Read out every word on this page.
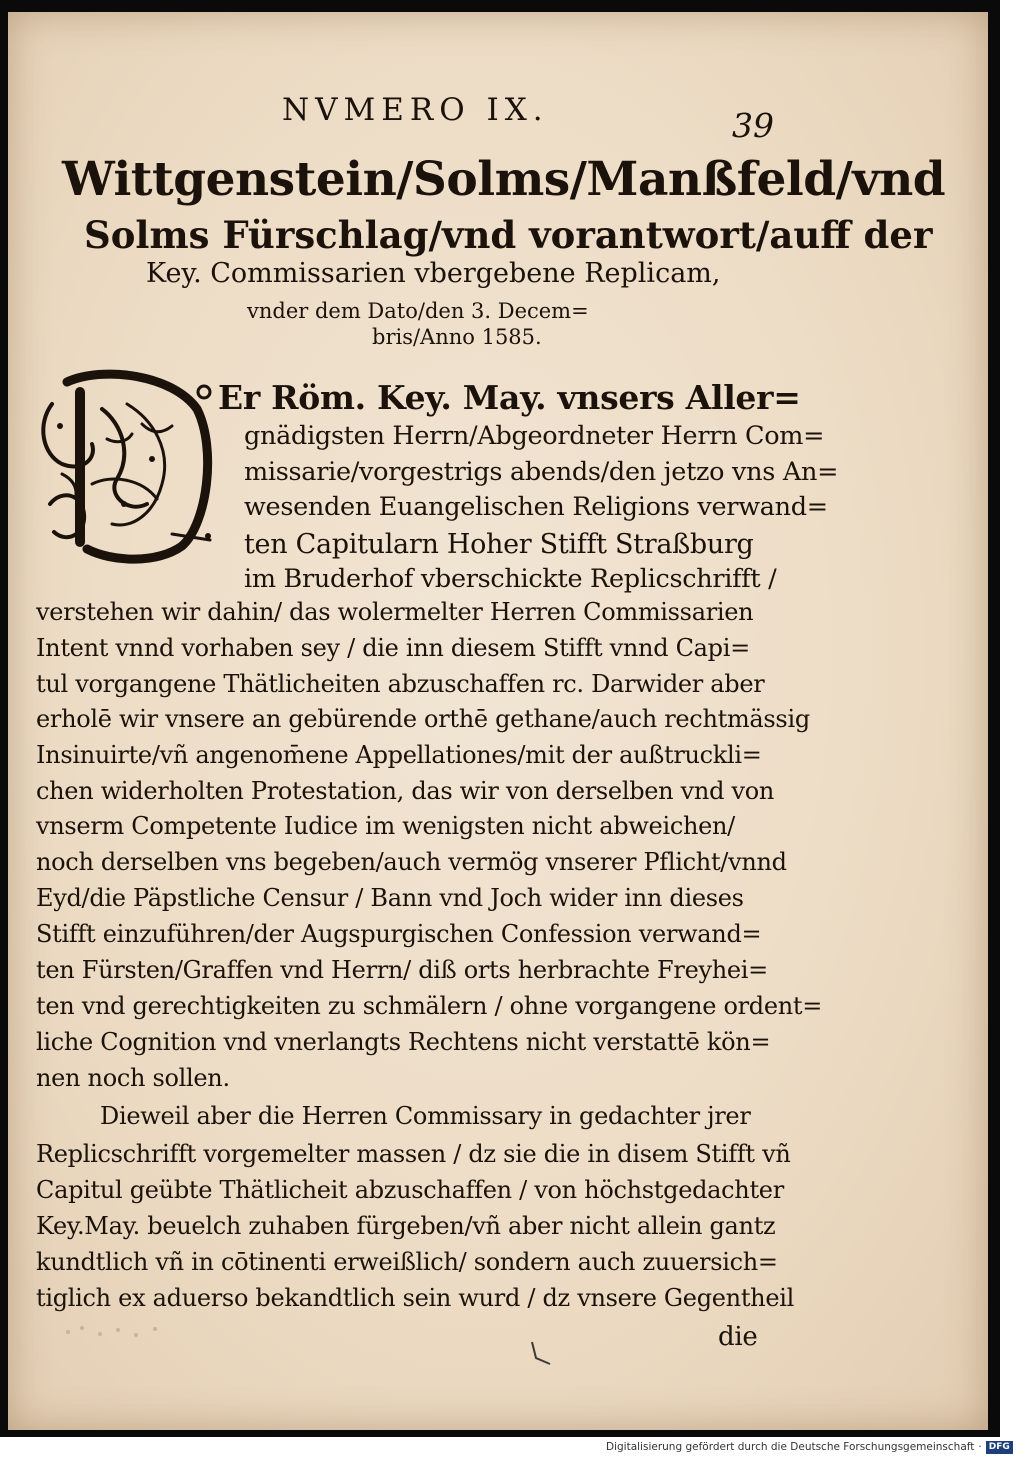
NVMERO IX.	39
Wittgenstein/Solms/Manßfeld/vnd
Solms Fürschlag/vnd vorantwort/auff der
Key. Commissarien vbergebene Replicam,
vnder dem Dato/den 3. Decem=
bris/Anno 1585.
Er Röm. Key. May. vnsers Aller=
gnädigsten Herrn/Abgeordneter Herrn Com=
missarie/vorgestrigs abends/den jetzo vns An=
wesenden Euangelischen Religions verwand=
ten Capitularn Hoher Stifft Straßburg
im Bruderhof vberschickte Replicschrifft /
verstehen wir dahin/ das wolermelter Herren Commissarien
Intent vnnd vorhaben sey / die inn diesem Stifft vnnd Capi=
tul vorgangene Thätlicheiten abzuschaffen rc. Darwider aber
erholē wir vnsere an gebürende orthē gethane/auch rechtmässig
Insinuirte/vñ angenom̄ene Appellationes/mit der außtruckli=
chen widerholten Protestation, das wir von derselben vnd von
vnserm Competente Iudice im wenigsten nicht abweichen/
noch derselben vns begeben/auch vermög vnserer Pflicht/vnnd
Eyd/die Päpstliche Censur / Bann vnd Joch wider inn dieses
Stifft einzuführen/der Augspurgischen Confession verwand=
ten Fürsten/Graffen vnd Herrn/ diß orts herbrachte Freyhei=
ten vnd gerechtigkeiten zu schmälern / ohne vorgangene ordent=
liche Cognition vnd vnerlangts Rechtens nicht verstattē kön=
nen noch sollen.
Dieweil aber die Herren Commissary in gedachter jrer
Replicschrifft vorgemelter massen / dz sie die in disem Stifft vñ
Capitul geübte Thätlicheit abzuschaffen / von höchstgedachter
Key.May. beuelch zuhaben fürgeben/vñ aber nicht allein gantz
kundtlich vñ in cōtinenti erweißlich/ sondern auch zuuersich=
tiglich ex aduerso bekandtlich sein wurd / dz vnsere Gegentheil
die
Digitalisierung gefördert durch die Deutsche Forschungsgemeinschaft · DFG
